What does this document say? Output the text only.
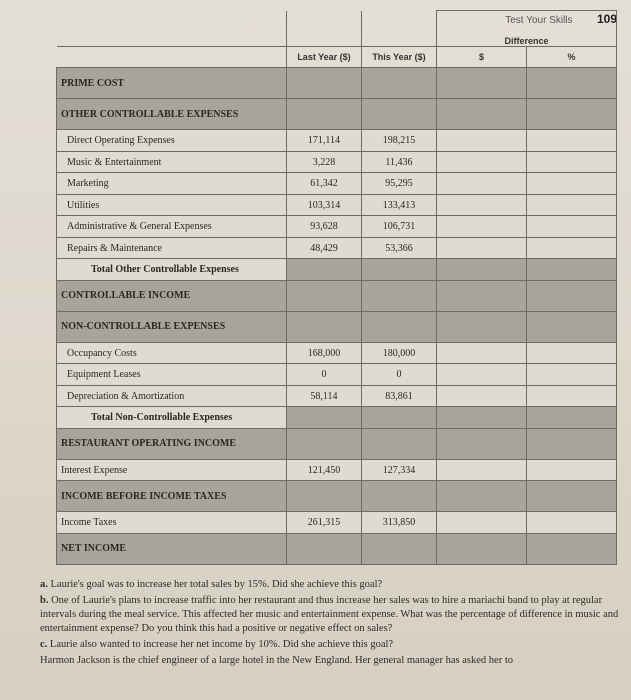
Test Your Skills 109
			Difference	
	Last Year ($)	This Year ($)	$	%
PRIME COST				
OTHER CONTROLLABLE EXPENSES				
Direct Operating Expenses	171,114	198,215		
Music & Entertainment	3,228	11,436		
Marketing	61,342	95,295		
Utilities	103,314	133,413		
Administrative & General Expenses	93,628	106,731		
Repairs & Maintenance	48,429	53,366		
Total Other Controllable Expenses				
CONTROLLABLE INCOME				
NON-CONTROLLABLE EXPENSES				
Occupancy Costs	168,000	180,000		
Equipment Leases	0	0		
Depreciation & Amortization	58,114	83,861		
Total Non-Controllable Expenses				
RESTAURANT OPERATING INCOME				
Interest Expense	121,450	127,334		
INCOME BEFORE INCOME TAXES				
Income Taxes	261,315	313,850		
NET INCOME				

a. Laurie's goal was to increase her total sales by 15%. Did she achieve this goal?

b. One of Laurie's plans to increase traffic into her restaurant and thus increase her sales was to hire a mariachi band to play at regular intervals during the meal service. This affected her music and entertainment expense. What was the percentage of difference in music and entertainment expense? Do you think this had a positive or negative effect on sales?

c. Laurie also wanted to increase her net income by 10%. Did she achieve this goal?

Harmon Jackson is the chief engineer of a large hotel in the New England. Her general manager has asked her to
